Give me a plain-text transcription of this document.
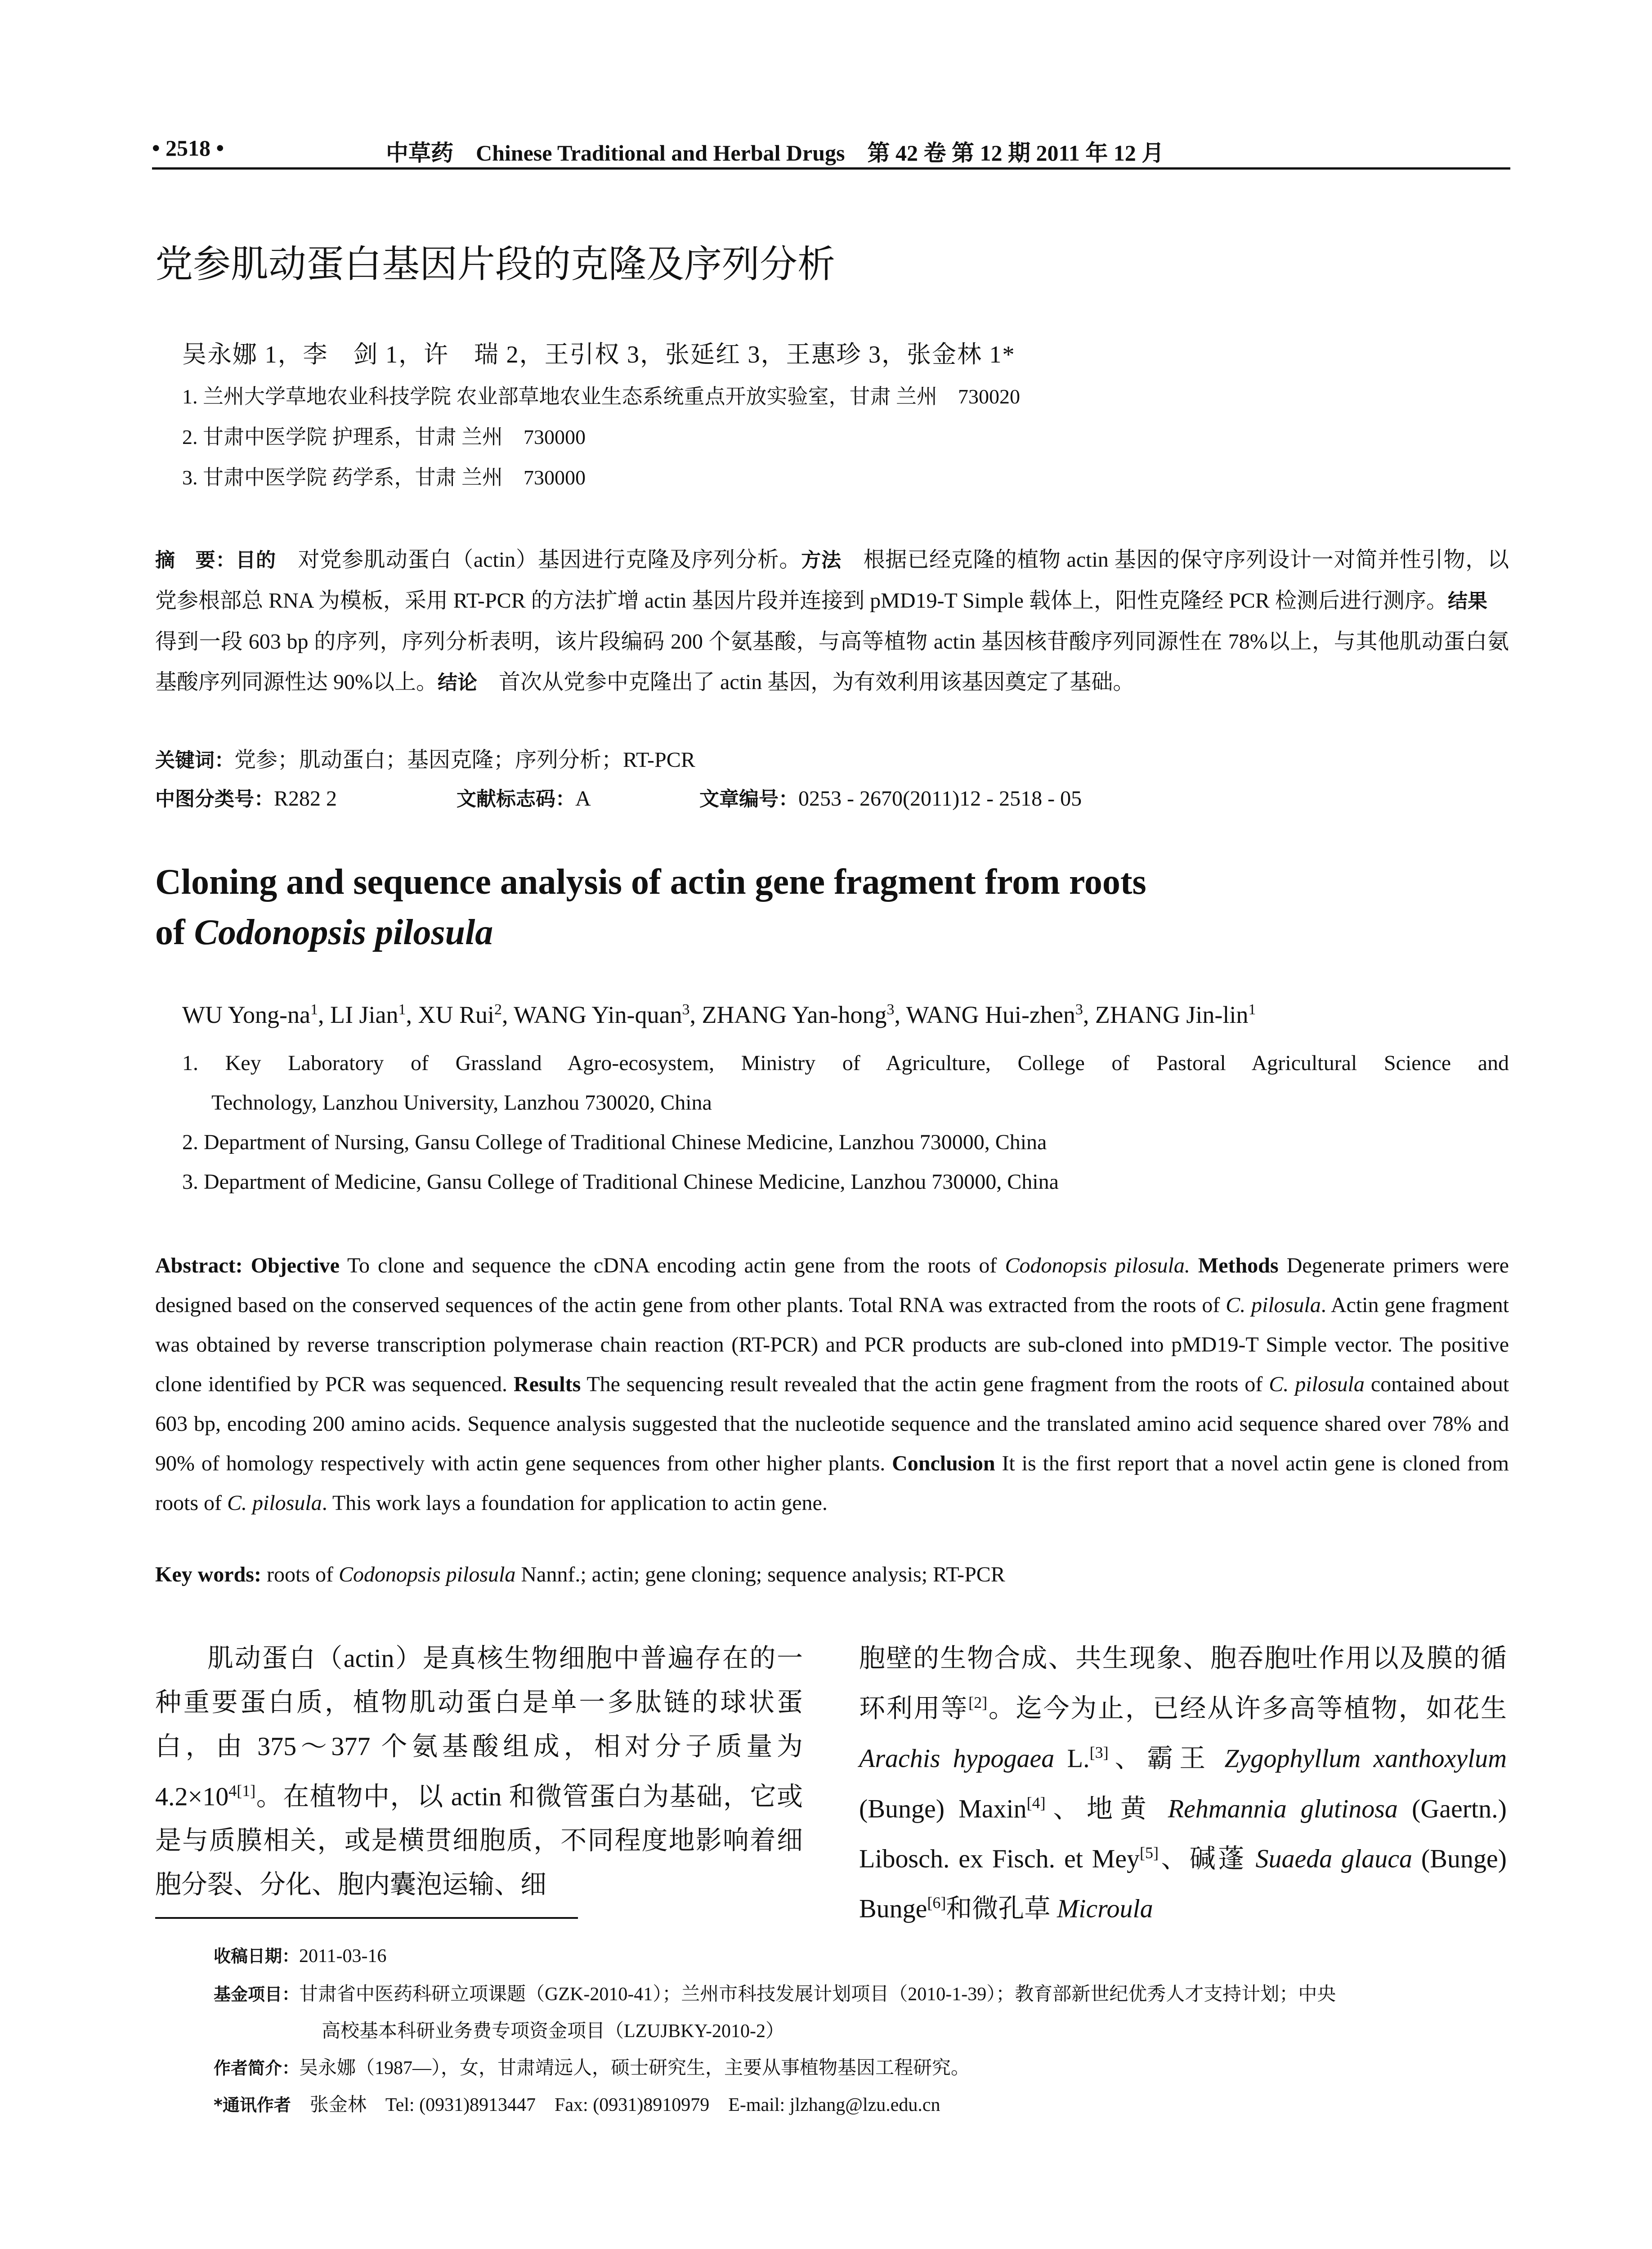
• 2518 •	中草药　Chinese Traditional and Herbal Drugs　第 42 卷 第 12 期 2011 年 12 月
党参肌动蛋白基因片段的克隆及序列分析
吴永娜 1，李　剑 1，许　瑞 2，王引权 3，张延红 3，王惠珍 3，张金林 1*
1. 兰州大学草地农业科技学院 农业部草地农业生态系统重点开放实验室，甘肃 兰州　730020
2. 甘肃中医学院 护理系，甘肃 兰州　730000
3. 甘肃中医学院 药学系，甘肃 兰州　730000
摘　要：目的　对党参肌动蛋白（actin）基因进行克隆及序列分析。方法　根据已经克隆的植物 actin 基因的保守序列设计一对简并性引物，以党参根部总 RNA 为模板，采用 RT-PCR 的方法扩增 actin 基因片段并连接到 pMD19-T Simple 载体上，阳性克隆经 PCR 检测后进行测序。结果　得到一段 603 bp 的序列，序列分析表明，该片段编码 200 个氨基酸，与高等植物 actin 基因核苷酸序列同源性在 78%以上，与其他肌动蛋白氨基酸序列同源性达 90%以上。结论　首次从党参中克隆出了 actin 基因，为有效利用该基因奠定了基础。
关键词：党参；肌动蛋白；基因克隆；序列分析；RT-PCR
中图分类号：R282 2	文献标志码：A	文章编号：0253 - 2670(2011)12 - 2518 - 05
Cloning and sequence analysis of actin gene fragment from roots
of Codonopsis pilosula
WU Yong-$na^1$, LI Jian$^1$, XU Rui$^2$, WANG Yin-quan$^3$, ZHANG Yan-hong$^3$, WANG Hui-zhen$^3$, ZHANG Jin-lin$^1$
1. Key Laboratory of Grassland Agro-ecosystem, Ministry of Agriculture, College of Pastoral Agricultural Science and
Technology, Lanzhou University, Lanzhou 730020, China
2. Department of Nursing, Gansu College of Traditional Chinese Medicine, Lanzhou 730000, China
3. Department of Medicine, Gansu College of Traditional Chinese Medicine, Lanzhou 730000, China
Abstract: Objective To clone and sequence the cDNA encoding actin gene from the roots of Codonopsis pilosula. Methods Degenerate primers were designed based on the conserved sequences of the actin gene from other plants. Total RNA was extracted from the roots of C. pilosula. Actin gene fragment was obtained by reverse transcription polymerase chain reaction (RT-PCR) and PCR products are sub-cloned into pMD19-T Simple vector. The positive clone identified by PCR was sequenced. Results The sequencing result revealed that the actin gene fragment from the roots of C. pilosula contained about 603 bp, encoding 200 amino acids. Sequence analysis suggested that the nucleotide sequence and the translated amino acid sequence shared over 78% and 90% of homology respectively with actin gene sequences from other higher plants. Conclusion It is the first report that a novel actin gene is cloned from roots of C. pilosula. This work lays a foundation for application to actin gene.
Key words: roots of Codonopsis pilosula Nannf.; actin; gene cloning; sequence analysis; RT-PCR
肌动蛋白（actin）是真核生物细胞中普遍存在的一种重要蛋白质，植物肌动蛋白是单一多肽链的球状蛋白，由 375～377 个氨基酸组成，相对分子质量为 $4.2\times 10^{4[1]}$。在植物中，以 actin 和微管蛋白为基础，它或是与质膜相关，或是横贯细胞质，不同程度地影响着细胞分裂、分化、胞内囊泡运输、细
胞壁的生物合成、共生现象、胞吞胞吐作用以及膜的循环利用等[2]。迄今为止，已经从许多高等植物，如花生 Arachis hypogaea L.[3]、霸王 Zygophyllum xanthoxylum (Bunge) Maxin[4]、地黄 Rehmannia glutinosa (Gaertn.) Libosch. ex Fisch. et Mey[5]、碱蓬 Suaeda glauca (Bunge) Bunge[6]和微孔草 Microula
收稿日期：2011-03-16
基金项目：甘肃省中医药科研立项课题（GZK-2010-41）；兰州市科技发展计划项目（2010-1-39）；教育部新世纪优秀人才支持计划；中央
高校基本科研业务费专项资金项目（LZUJBKY-2010-2）
作者简介：吴永娜（1987—），女，甘肃靖远人，硕士研究生，主要从事植物基因工程研究。
*通讯作者　张金林　Tel: (0931)8913447　Fax: (0931)8910979　E-mail: jlzhang@lzu.edu.cn
